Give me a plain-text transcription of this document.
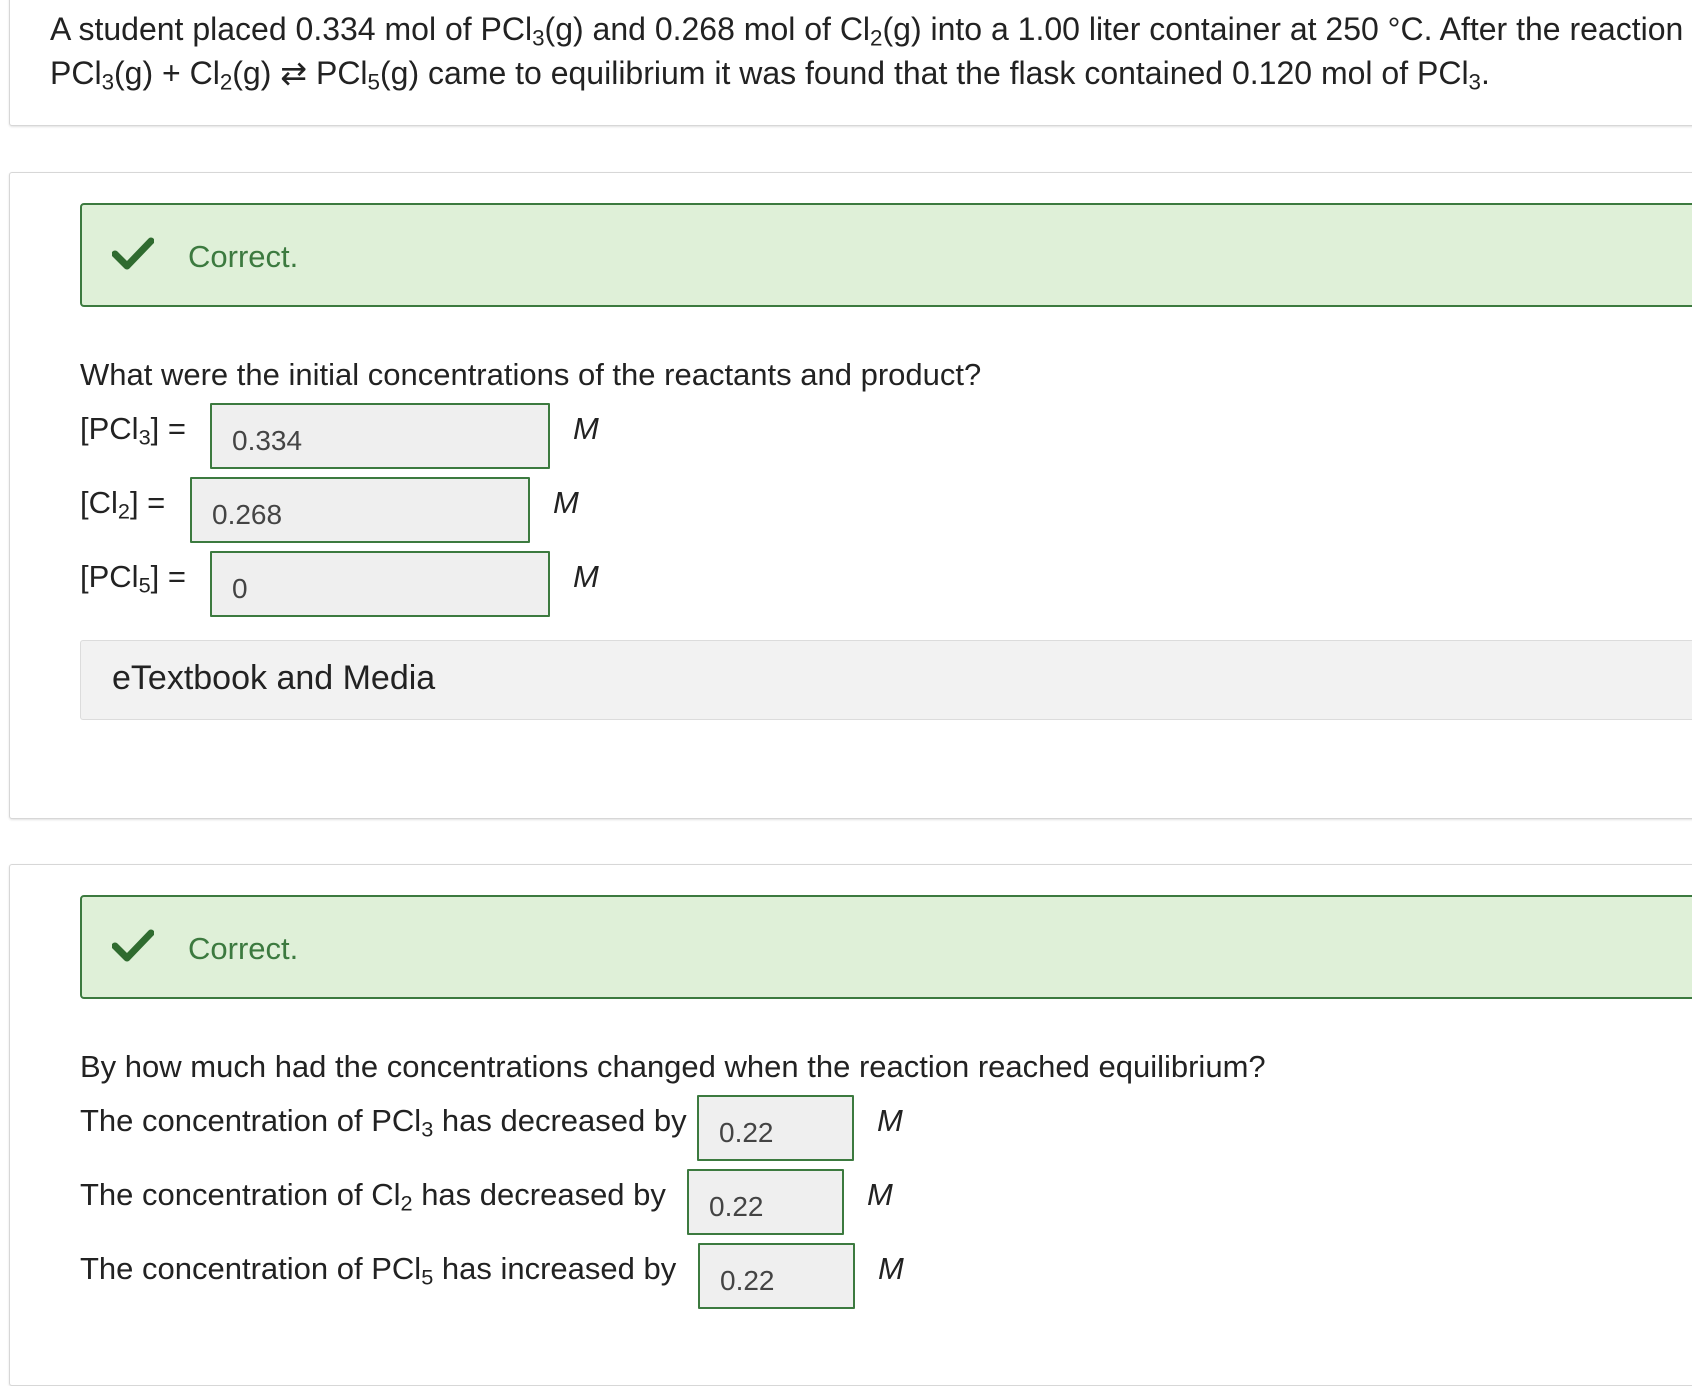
A student placed 0.334 mol of PCl$_3$(g) and 0.268 mol of $Cl_2(g)$ into a 1.00 liter container at 250 °C. After the reaction
$PCl_3(g) + Cl_2(g)$ ⇄ PCl$_5$(g) came to equilibrium it was found that the flask contained 0.120 mol of PCl$_3$.
Correct.
What were the initial concentrations of the reactants and product?
[PCl$_3$] =
0.334	M
$[Cl_2]$ =
0.268	M
[PCl$_5$] =
0	M
eTextbook and Media
Correct.
By how much had the concentrations changed when the reaction reached equilibrium?
The concentration of PCl$_3$ has decreased by
0.22	M
The concentration of $Cl_2$ has decreased by
0.22	M
The concentration of PCl$_5$ has increased by
0.22	M
